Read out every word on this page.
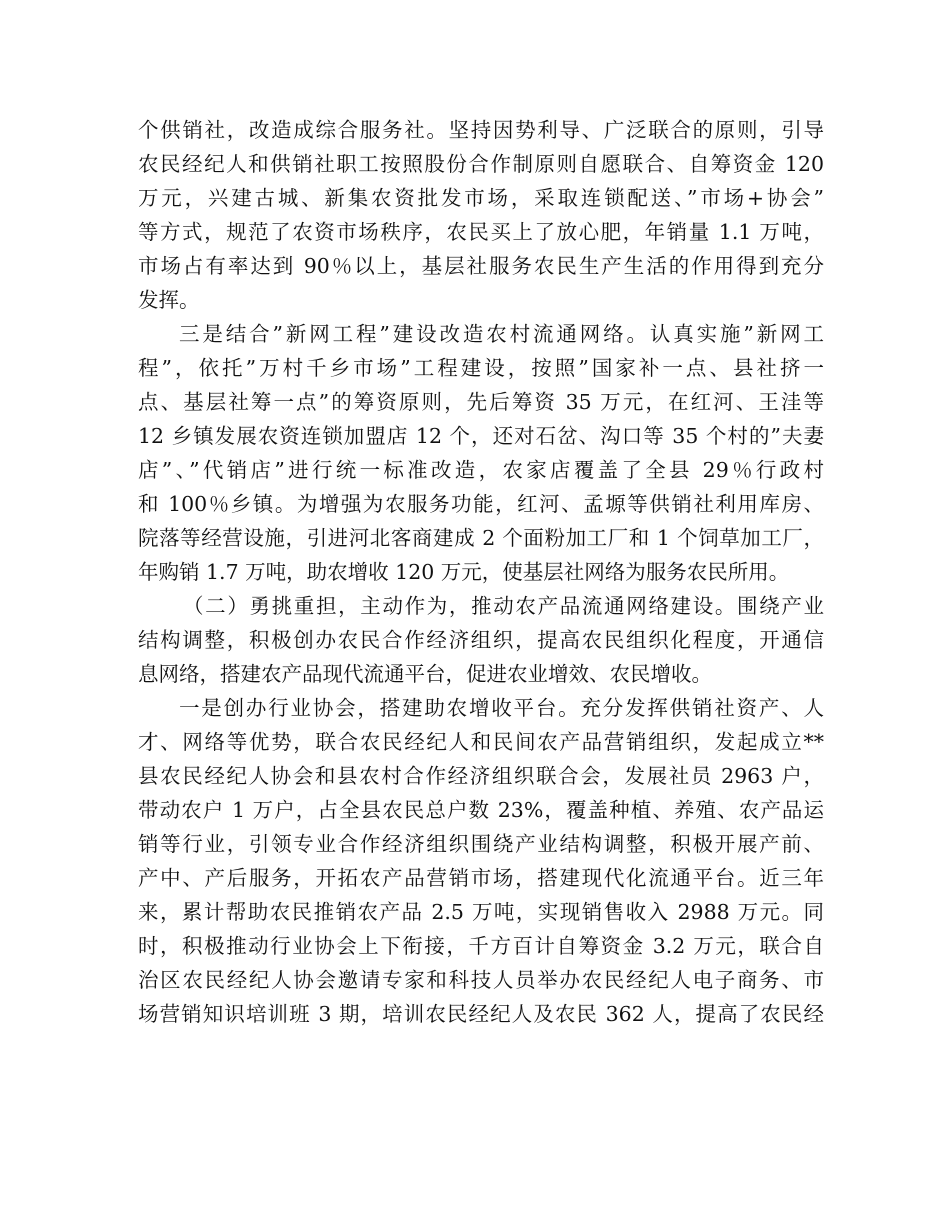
个供销社，改造成综合服务社。坚持因势利导、广泛联合的原则，引导
农民经纪人和供销社职工按照股份合作制原则自愿联合、自筹资金 120
万元，兴建古城、新集农资批发市场，采取连锁配送、”市场+协会”
等方式，规范了农资市场秩序，农民买上了放心肥，年销量 1.1 万吨，
市场占有率达到 90％以上，基层社服务农民生产生活的作用得到充分
发挥。
三是结合”新网工程”建设改造农村流通网络。认真实施”新网工
程”，依托”万村千乡市场”工程建设，按照”国家补一点、县社挤一
点、基层社筹一点”的筹资原则，先后筹资 35 万元，在红河、王洼等
12 乡镇发展农资连锁加盟店 12 个，还对石岔、沟口等 35 个村的”夫妻
店”、”代销店”进行统一标准改造，农家店覆盖了全县 29％行政村
和 100％乡镇。为增强为农服务功能，红河、孟塬等供销社利用库房、
院落等经营设施，引进河北客商建成 2 个面粉加工厂和 1 个饲草加工厂，
年购销 1.7 万吨，助农增收 120 万元，使基层社网络为服务农民所用。
（二）勇挑重担，主动作为，推动农产品流通网络建设。围绕产业
结构调整，积极创办农民合作经济组织，提高农民组织化程度，开通信
息网络，搭建农产品现代流通平台，促进农业增效、农民增收。
一是创办行业协会，搭建助农增收平台。充分发挥供销社资产、人
才、网络等优势，联合农民经纪人和民间农产品营销组织，发起成立**
县农民经纪人协会和县农村合作经济组织联合会，发展社员 2963 户，
带动农户 1 万户，占全县农民总户数 23%，覆盖种植、养殖、农产品运
销等行业，引领专业合作经济组织围绕产业结构调整，积极开展产前、
产中、产后服务，开拓农产品营销市场，搭建现代化流通平台。近三年
来，累计帮助农民推销农产品 2.5 万吨，实现销售收入 2988 万元。同
时，积极推动行业协会上下衔接，千方百计自筹资金 3.2 万元，联合自
治区农民经纪人协会邀请专家和科技人员举办农民经纪人电子商务、市
场营销知识培训班 3 期，培训农民经纪人及农民 362 人，提高了农民经
